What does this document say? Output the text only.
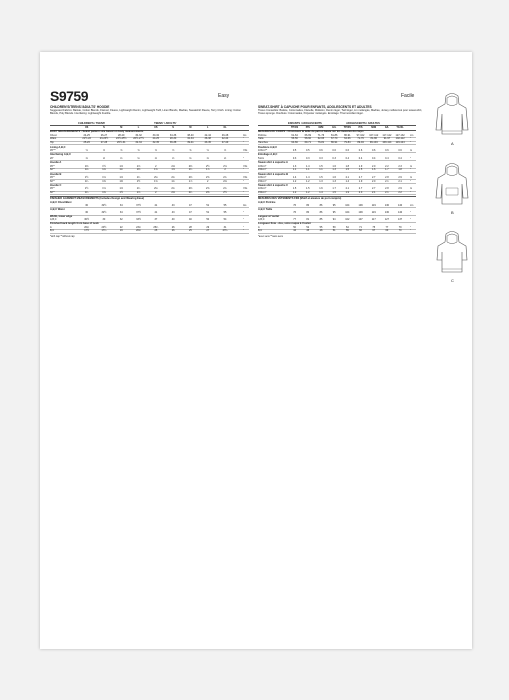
S9759	Easy	Facile
CHILDREN'S/TEENS'/ADULTS' HOODIE
Suggested Fabrics: Batiste, Cotton Blends, Flannel, Fleece, Lightweight Denim, Lightweight Twill, Linen Blends, Madras, Sweatshirt Fleece, Terry Cloth. Lining: Cotton Blends, Poly Blends. Interfacing: Lightweight Fusible.
CHILDREN'S / TEENS'	TEENS' / ADULTS'
XS	S	M	L	XS	S	M	L	XL
BODY MEASUREMENTS - Select pattern size based on body measurements
Chest	24-25	26-27	28-29	30-32	30-32	34-36	38-40	42-44	46-48	Ins
Waist	21½-22	23-23½	24½-25½	26½-27½	24-25	28-30	32-34	36-38	42-44	"
Hip	25-26	27-28	29½-31	32-34	32-35	36-38	39-41	43-45	47-49	"
Lining A,B,C
45"**	⅝	⅝	⅝	⅝	⅝	⅝	⅝	⅝	⅝	Yds
Interfacing A,B,C
20"	⅛	⅛	⅛	⅛	⅛	⅛	⅛	⅛	⅛	"
Hoodie A
45"*	1⅜	1½	1⅝	1⅝	2	2⅛	2⅜	2½	2⅝	Yds
60"*	1⅛	1⅛	1¼	1⅜	1⅝	1⅝	1¾	1⅞	2	"
Hoodie B
45"*	1½	1⅝	1⅝	1¾	2⅛	2¼	2⅜	2⅝	2¾	Yds
60"*	1¼	1⅜	1⅜	1½	1⅝	1¾	1⅞	2	2⅛	"
Hoodie C
45"*	1½	1⅝	1⅝	1¾	2⅛	2¼	2⅜	2⅝	2¾	Yds
60"*	1¼	1⅜	1½	1⅝	2	2⅛	2¼	2⅜	2½	"
FINISHED GARMENT MEASUREMENTS (Includes Design and Wearing Ease)
A,B,C Chest/Bust
30	32½	34	37½	41	43	47	51	55	Ins
A,B,C Waist
30	32½	34	37½	41	43	47	51	55	"
Width, lower edge
A,B,C	30½	30	32	33½	37	40	40	50	54	"
Finished back length from base of neck
A	20¼	20½	22	23¼	25¼	26	28	29	31	"
B,C	17½	17¾	19	20¼	25	26	25	27	27¼	"
*with nap **without nap
SWEAT-SHIRT À CAPUCHE POUR ENFANTS, ADOLESCENTS ET ADULTES
Tissus Conseillés: Batiste, Cotonnades, Flanelle, Molleton, Denim léger, Twill léger, Lin mélangés, Madras, Jersey molletonné pour sweat-shirt, Tissus éponge. Doublure: Cotonnades, Polyester mélangés. Entoilage: Thermocollant léger.
ENFANTS / ADOLESCENTS	ADOLESCENTS / ADULTES
TP/XS	P/S	M/M	G/L	TP/XS	P/S	M/M	G/L	TG/XL
MESURES DU CORPS - Choisissez la taille du patron basée sur les mesures du corps
Poitrine	61-64	66-69	71-76	81-86	86-91	97-102	107-112	117-122	127-132	cm
Taille	55-56	58-60	62-65	67-70	64-66	71-76	81-86	91-97	102-112	"
Hanches	64-66	69-71	76-81	86-91	79-84	89-94	99-104	109-114	119-124	"
Doublure A,B,C
115cm**	0.5	0.5	0.6	0.6	0.6	0.6	0.6	0.6	0.6	m
Entoilage A,B,C
51cm	0.3	0.3	0.3	0.3	0.4	0.4	0.4	0.4	0.4	"
Sweat-shirt à capuche A
115cm*	1.3	1.4	1.5	1.6	1.8	1.9	2.0	2.2	2.3	m
150cm*	1.1	1.1	1.1	1.3	1.5	1.5	1.6	1.7	1.8	"
Sweat-shirt à capuche B
115cm*	1.4	1.4	1.5	1.6	2.1	2.7	2.7	2.8	2.9	m
150cm*	1.2	1.2	1.3	1.3	1.4	1.9	2.0	2.1	2.1	"
Sweat-shirt à capuche C
115cm*	1.5	1.5	1.6	1.7	2.1	2.7	2.7	2.8	2.9	m
150cm*	1.2	1.2	1.4	1.5	1.9	2.0	2.1	2.1	2.2	"
MESURES DES VÊTEMENTS FINI (Motif et aisance de port compris)
A,B,C Poitrine
76	80	86	95	104	109	119	130	140	cm
A,B,C Taille
76	80	86	95	104	109	119	130	140	"
Largeur à l'ourlet
A,B,C	77	81	85	94	102	107	117	127	137	"
Longueur finie - dos, votre nuque à l'ourlet
A	50	52	55	59	64	71	75	77	79	"
B,C	44	45	48	51	55	66	67	69	70	"
*avec sens **sans sens
A
B
C
